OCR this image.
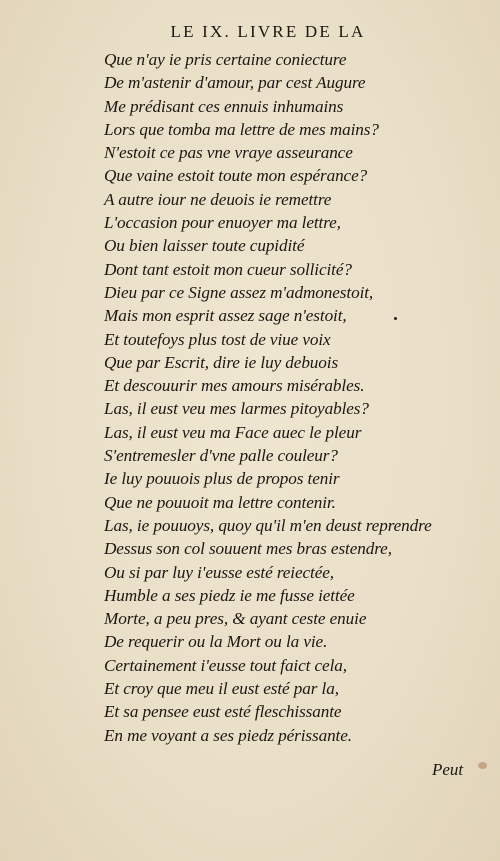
LE IX. LIVRE DE LA
Que n'ay ie pris certaine coniecture
De m'astenir d'amour, par cest Augure
Me prédisant ces ennuis inhumains
Lors que tomba ma lettre de mes mains?
N'estoit ce pas vne vraye asseurance
Que vaine estoit toute mon espérance?
A autre iour ne deuois ie remettre
L'occasion pour enuoyer ma lettre,
Ou bien laisser toute cupidité
Dont tant estoit mon cueur sollicité?
Dieu par ce Signe assez m'admonestoit,
Mais mon esprit assez sage n'estoit,
Et toutefoys plus tost de viue voix
Que par Escrit, dire ie luy debuois
Et descouurir mes amours misérables.
Las, il eust veu mes larmes pitoyables?
Las, il eust veu ma Face auec le pleur
S'entremesler d'vne palle couleur?
Ie luy pouuois plus de propos tenir
Que ne pouuoit ma lettre contenir.
Las, ie pouuoys, quoy qu'il m'en deust reprendre
Dessus son col souuent mes bras estendre,
Ou si par luy i'eusse esté reiectée,
Humble a ses piedz ie me fusse iettée
Morte, a peu pres, & ayant ceste enuie
De requerir ou la Mort ou la vie.
Certainement i'eusse tout faict cela,
Et croy que meu il eust esté par la,
Et sa pensee eust esté fleschissante
En me voyant a ses piedz périssante.
Peut
